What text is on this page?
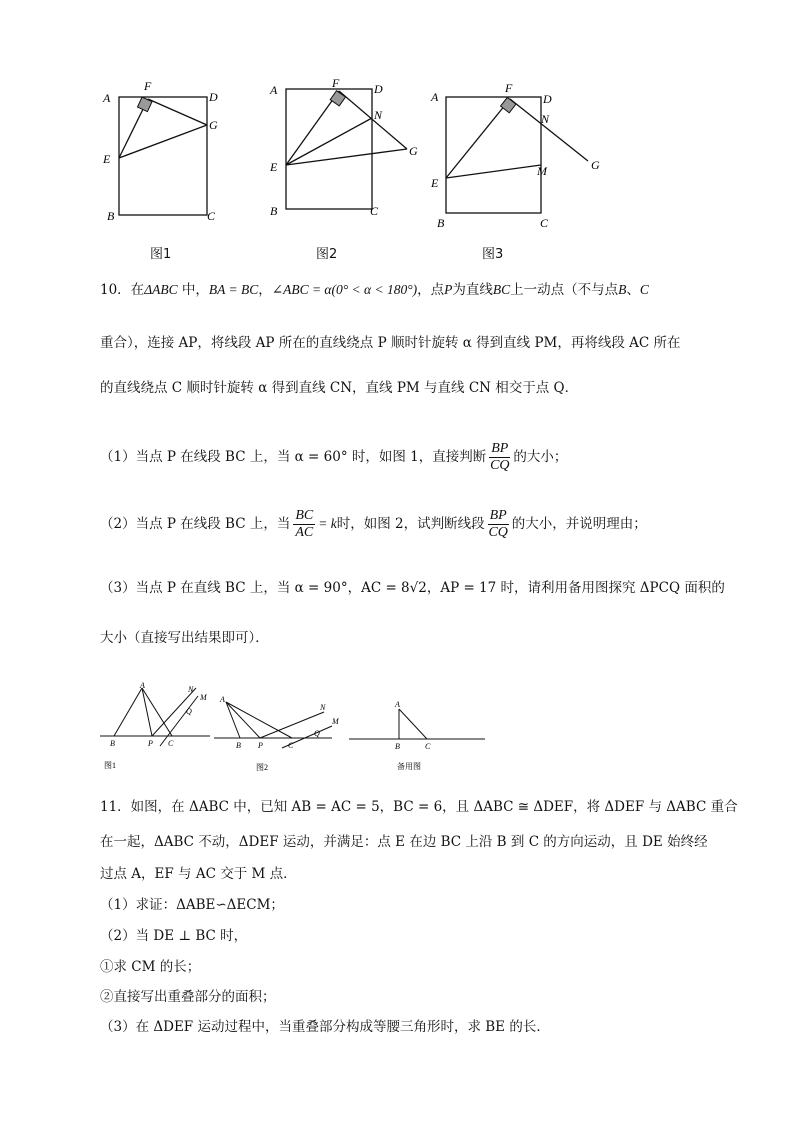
A
F
D
G
E
B	C
图1
A	F	D
N
G
E
B	C
图2
A
F
D
N
G
M
E
B	C
图3
10．在ΔABC 中，BA = BC，∠ABC = α(0° < α < 180°)，点P为直线BC上一动点（不与点B、C
重合），连接 AP，将线段 AP 所在的直线绕点 P 顺时针旋转 α 得到直线 PM，再将线段 AC 所在
的直线绕点 C 顺时针旋转 α 得到直线 CN，直线 PM 与直线 CN 相交于点 Q．
（1）当点 P 在线段 BC 上，当 α = 60° 时，如图 1，直接判断 $\frac{BP}{CQ}$ 的大小；
（2）当点 P 在线段 BC 上，当 $\frac{BC}{AC} = k$时，如图 2，试判断线段 $\frac{BP}{CQ}$ 的大小，并说明理由；
（3）当点 P 在直线 BC 上，当 α = 90°，AC = 8√2，AP = 17 时，请利用备用图探究 ΔPCQ 面积的
大小（直接写出结果即可）．
A
B	P C
Q
N
M
图1
A
B P	C
Q
N
M
图2
A
B	C
备用图
11．如图，在 ΔABC 中，已知 AB = AC = 5，BC = 6，且 ΔABC ≅ ΔDEF，将 ΔDEF 与 ΔABC 重合
在一起，ΔABC 不动，ΔDEF 运动，并满足：点 E 在边 BC 上沿 B 到 C 的方向运动，且 DE 始终经
过点 A，EF 与 AC 交于 M 点．
（1）求证：ΔABE∽ΔECM；
（2）当 DE ⊥ BC 时，
①求 CM 的长；
②直接写出重叠部分的面积；
（3）在 ΔDEF 运动过程中，当重叠部分构成等腰三角形时，求 BE 的长．
